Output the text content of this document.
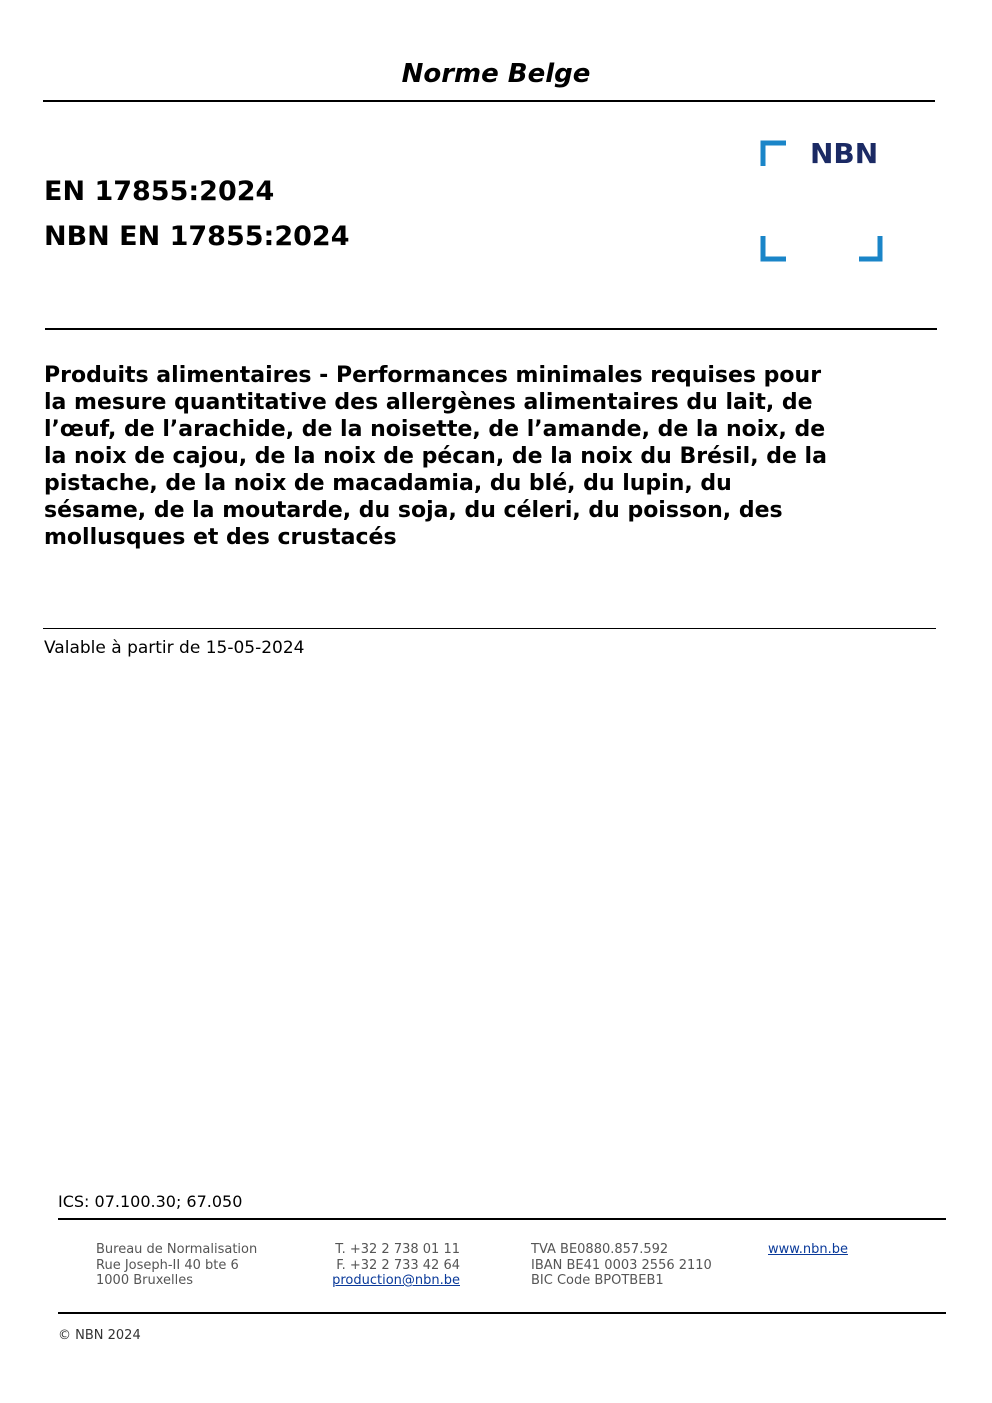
Norme Belge
EN 17855:2024
NBN EN 17855:2024
NBN
Produits alimentaires - Performances minimales requises pour
la mesure quantitative des allergènes alimentaires du lait, de
l’œuf, de l’arachide, de la noisette, de l’amande, de la noix, de
la noix de cajou, de la noix de pécan, de la noix du Brésil, de la
pistache, de la noix de macadamia, du blé, du lupin, du
sésame, de la moutarde, du soja, du céleri, du poisson, des
mollusques et des crustacés
Valable à partir de 15-05-2024
ICS: 07.100.30; 67.050
Bureau de Normalisation
Rue Joseph-II 40 bte 6
1000 Bruxelles
T. +32 2 738 01 11
F. +32 2 733 42 64
production@nbn.be
TVA BE0880.857.592
IBAN BE41 0003 2556 2110
BIC Code BPOTBEB1
www.nbn.be
© NBN 2024
